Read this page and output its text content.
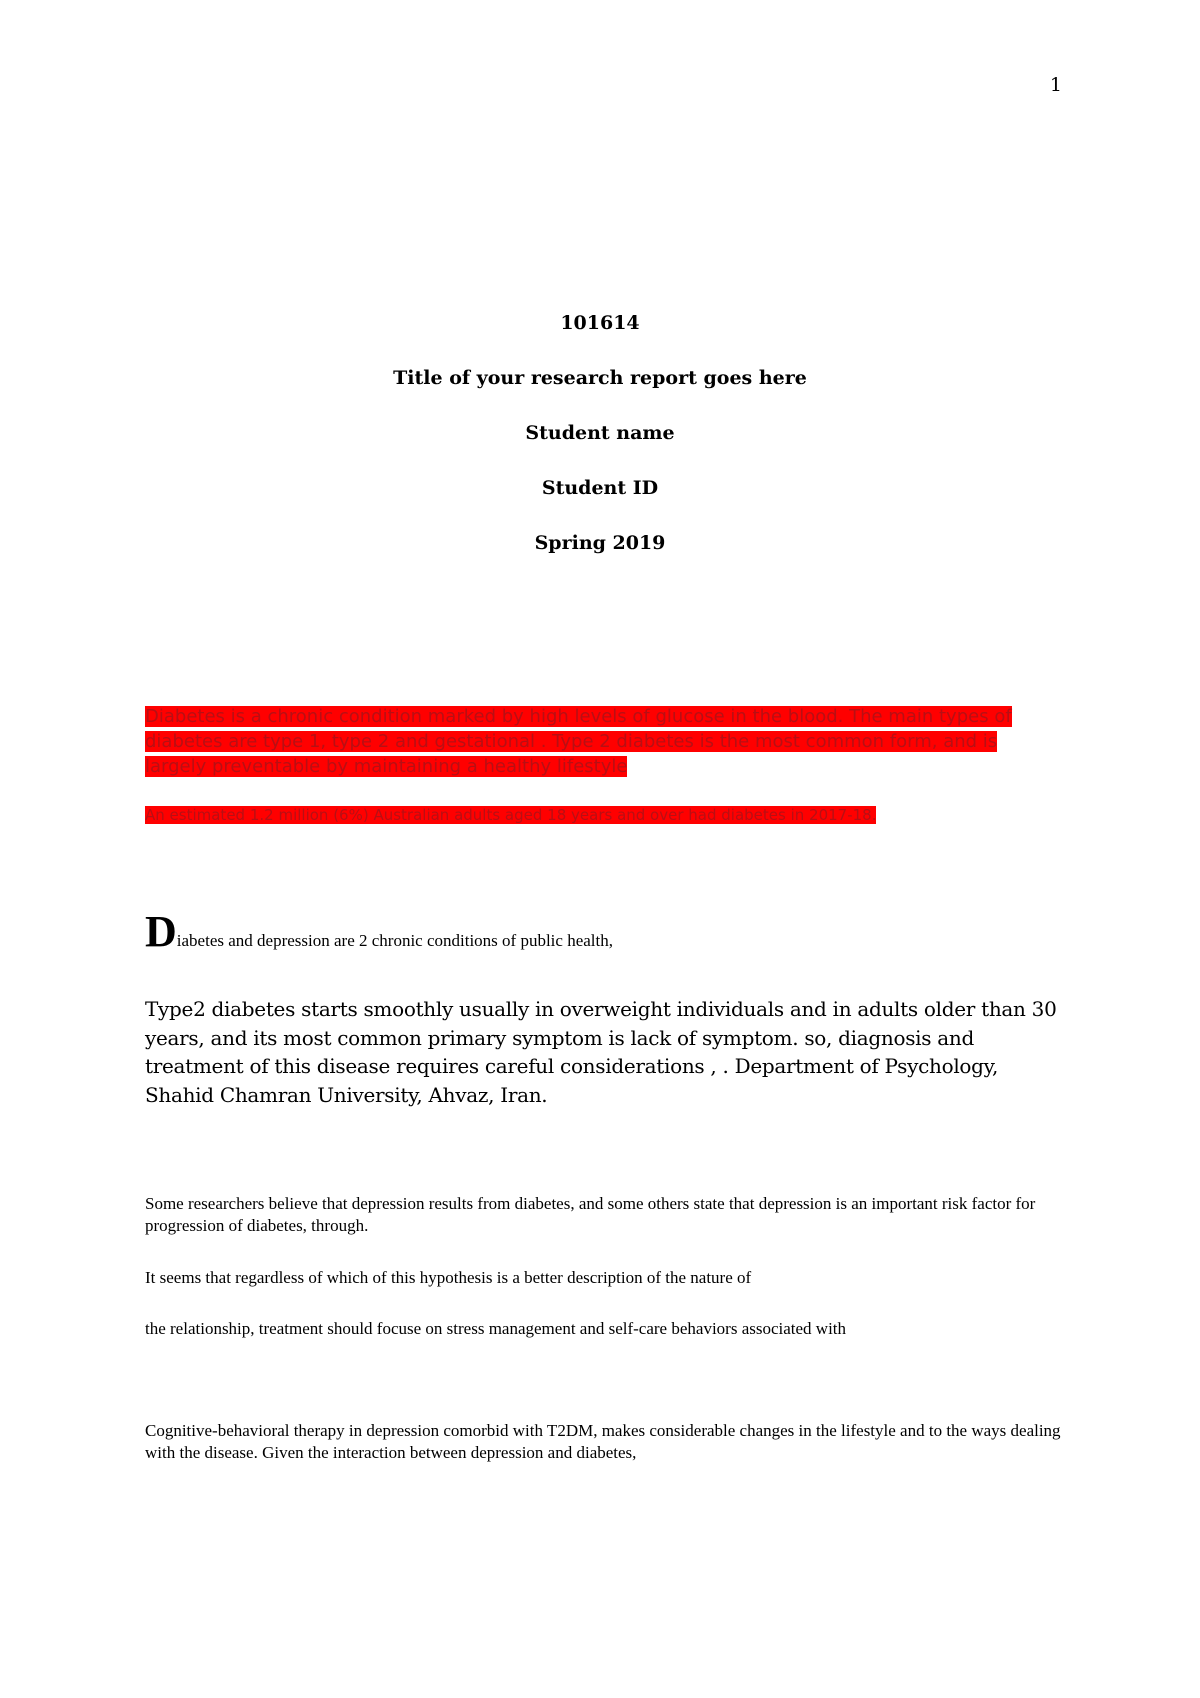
1
101614
Title of your research report goes here
Student name
Student ID
Spring 2019
Diabetes is a chronic condition marked by high levels of glucose in the blood. The main types of diabetes are type 1, type 2 and gestational . Type 2 diabetes is the most common form, and is largely preventable by maintaining a healthy lifestyle
An estimated 1.2 million (6%) Australian adults aged 18 years and over had diabetes in 2017-18.
Diabetes and depression are 2 chronic conditions of public health,
Type2 diabetes starts smoothly usually in overweight individuals and in adults older than 30 years, and its most common primary symptom is lack of symptom. so, diagnosis and treatment of this disease requires careful considerations , . Department of Psychology, Shahid Chamran University, Ahvaz, Iran.
Some researchers believe that depression results from diabetes, and some others state that depression is an important risk factor for progression of diabetes, through.
It seems that regardless of which of this hypothesis is a better description of the nature of
the relationship, treatment should focuse on stress management and self-care behaviors associated with
Cognitive-behavioral therapy in depression comorbid with T2DM, makes considerable changes in the lifestyle and to the ways dealing with the disease. Given the interaction between depression and diabetes,
